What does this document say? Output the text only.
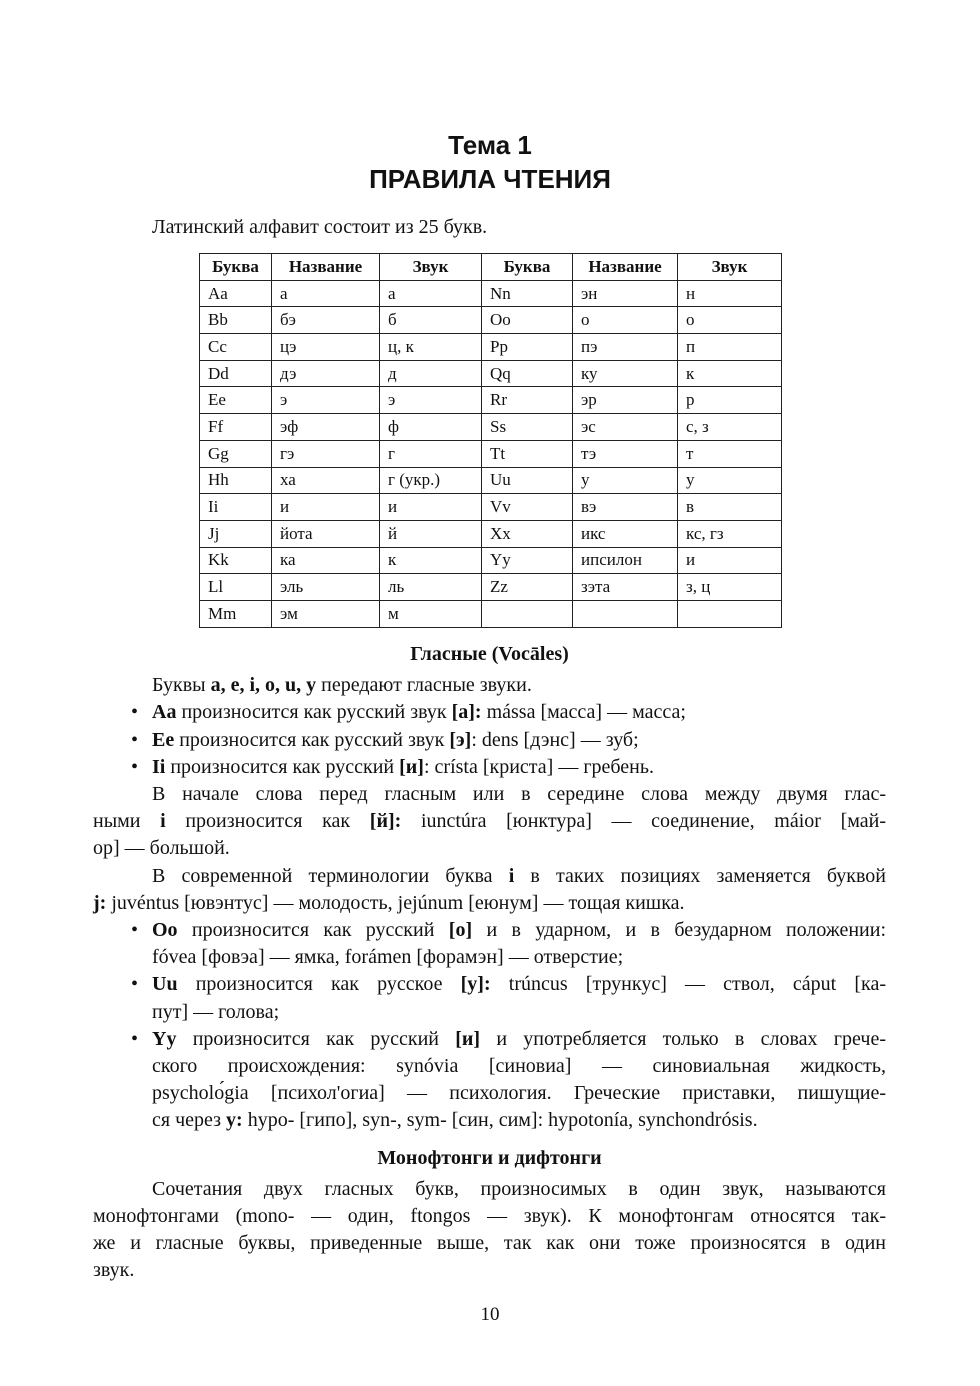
Тема 1
ПРАВИЛА ЧТЕНИЯ
Латинский алфавит состоит из 25 букв.
Буква	Название	Звук	Буква	Название	Звук
Aa	а	а	Nn	эн	н
Bb	бэ	б	Oo	о	о
Cc	цэ	ц, к	Pp	пэ	п
Dd	дэ	д	Qq	ку	к
Ee	э	э	Rr	эр	р
Ff	эф	ф	Ss	эс	с, з
Gg	гэ	г	Tt	тэ	т
Hh	ха	г (укр.)	Uu	у	у
Ii	и	и	Vv	вэ	в
Jj	йота	й	Xx	икс	кс, гз
Kk	ка	к	Yy	ипсилон	и
Ll	эль	ль	Zz	зэта	з, ц
Mm	эм	м			
Гласные (Vocāles)
Буквы a, e, i, o, u, y передают гласные звуки.
• Aa произносится как русский звук [а]: mássa [масса] — масса;
• Ee произносится как русский звук [э]: dens [дэнс] — зуб;
• Ii произносится как русский [и]: crísta [криста] — гребень.
В начале слова перед гласным или в середине слова между двумя глас-
ными i произносится как [й]: iunctúra [юнктура] — соединение, máior [май-
ор] — большой.
В современной терминологии буква i в таких позициях заменяется буквой
j: juvéntus [ювэнтус] — молодость, jejúnum [еюнум] — тощая кишка.
• Oo произносится как русский [о] и в ударном, и в безударном положении:
fóvea [фовэа] — ямка, forámen [форамэн] — отверстие;
• Uu произносится как русское [у]: trúncus [трункус] — ствол, cáput [ка-
пут] — голова;
• Yy произносится как русский [и] и употребляется только в словах грече-
ского происхождения: synóvia [синовиа] — синовиальная жидкость,
psycholо́gia [психол'огиа] — психология. Греческие приставки, пишущие-
ся через y: hypo- [гипо], syn-, sym- [син, сим]: hypotonía, synchondrósis.
Монофтонги и дифтонги
Сочетания двух гласных букв, произносимых в один звук, называются
монофтонгами (mono- — один, ftongos — звук). К монофтонгам относятся так-
же и гласные буквы, приведенные выше, так как они тоже произносятся в один
звук.
10
